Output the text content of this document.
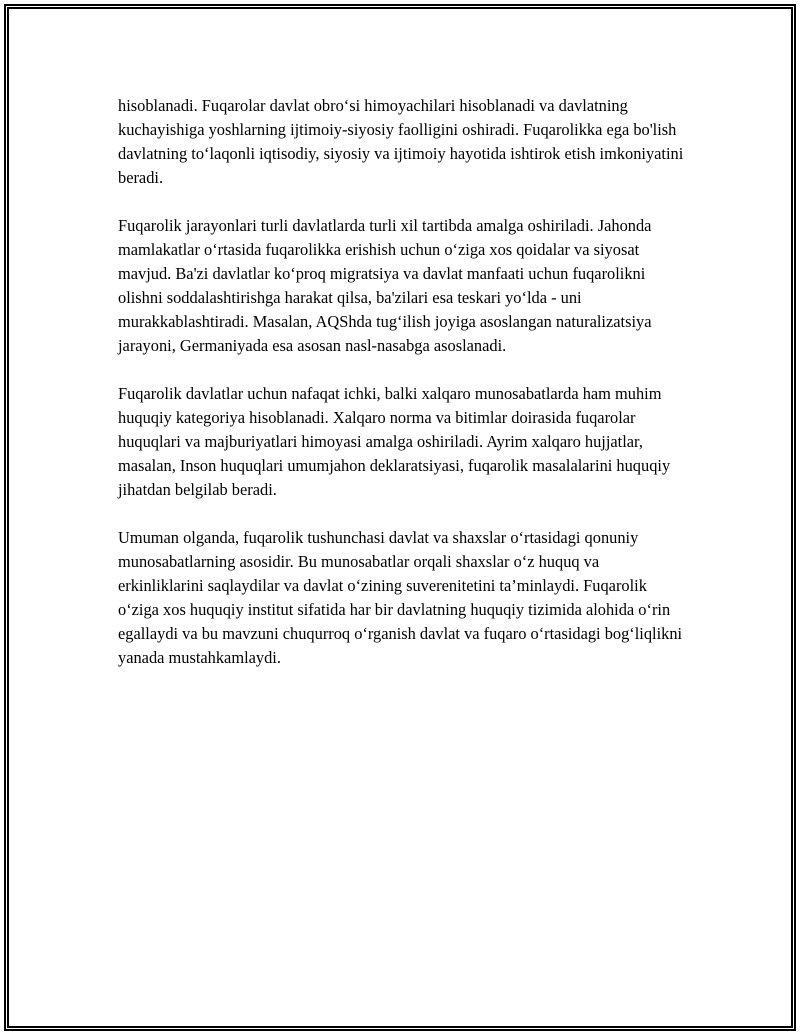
hisoblanadi. Fuqarolar davlat obro‘si himoyachilari hisoblanadi va davlatning kuchayishiga yoshlarning ijtimoiy-siyosiy faolligini oshiradi. Fuqarolikka ega bo'lish davlatning to‘laqonli iqtisodiy, siyosiy va ijtimoiy hayotida ishtirok etish imkoniyatini beradi.

Fuqarolik jarayonlari turli davlatlarda turli xil tartibda amalga oshiriladi. Jahonda mamlakatlar o‘rtasida fuqarolikka erishish uchun o‘ziga xos qoidalar va siyosat mavjud. Ba'zi davlatlar ko‘proq migratsiya va davlat manfaati uchun fuqarolikni olishni soddalashtirishga harakat qilsa, ba'zilari esa teskari yo‘lda - uni murakkablashtiradi. Masalan, AQShda tug‘ilish joyiga asoslangan naturalizatsiya jarayoni, Germaniyada esa asosan nasl-nasabga asoslanadi.

Fuqarolik davlatlar uchun nafaqat ichki, balki xalqaro munosabatlarda ham muhim huquqiy kategoriya hisoblanadi. Xalqaro norma va bitimlar doirasida fuqarolar huquqlari va majburiyatlari himoyasi amalga oshiriladi. Ayrim xalqaro hujjatlar, masalan, Inson huquqlari umumjahon deklaratsiyasi, fuqarolik masalalarini huquqiy jihatdan belgilab beradi.

Umuman olganda, fuqarolik tushunchasi davlat va shaxslar o‘rtasidagi qonuniy munosabatlarning asosidir. Bu munosabatlar orqali shaxslar o‘z huquq va erkinliklarini saqlaydilar va davlat o‘zining suverenitetini ta’minlaydi. Fuqarolik o‘ziga xos huquqiy institut sifatida har bir davlatning huquqiy tizimida alohida o‘rin egallaydi va bu mavzuni chuqurroq o‘rganish davlat va fuqaro o‘rtasidagi bog‘liqlikni yanada mustahkamlaydi.
